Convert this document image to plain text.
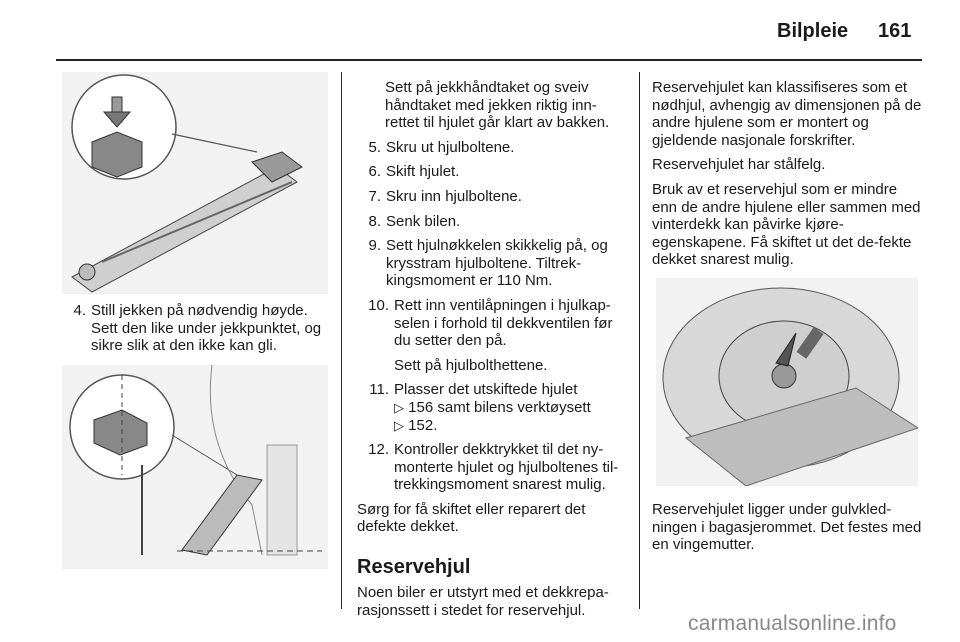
Bilpleie 161
4. Still jekken på nødvendig høyde. Sett den like under jekkpunktet, og sikre slik at den ikke kan gli.

Sett på jekkhåndtaket og sveiv håndtaket med jekken riktig inn-rettet til hjulet går klart av bakken.

5. Skru ut hjulboltene.
6. Skift hjulet.
7. Skru inn hjulboltene.
8. Senk bilen.
9. Sett hjulnøkkelen skikkelig på, og krysstram hjulboltene. Tiltrek-kingsmoment er 110 Nm.
10. Rett inn ventilåpningen i hjulkap-selen i forhold til dekkventilen før du setter den på.

Sett på hjulbolthettene.

11. Plasser det utskiftede hjulet
▷ 156 samt bilens verktøysett
▷ 152.
12. Kontroller dekktrykket til det ny-monterte hjulet og hjulboltenes til-trekkingsmoment snarest mulig.

Sørg for få skiftet eller reparert det defekte dekket.

Reservehjul

Noen biler er utstyrt med et dekkrepa-rasjonssett i stedet for reservehjul.

Reservehjulet kan klassifiseres som et nødhjul, avhengig av dimensjonen på de andre hjulene som er montert og gjeldende nasjonale forskrifter.

Reservehjulet har stålfelg.

Bruk av et reservehjul som er mindre enn de andre hjulene eller sammen med vinterdekk kan påvirke kjøre-egenskapene. Få skiftet ut det de-fekte dekket snarest mulig.

Reservehjulet ligger under gulvkled-ningen i bagasjerommet. Det festes med en vingemutter.

carmanualsonline.info
